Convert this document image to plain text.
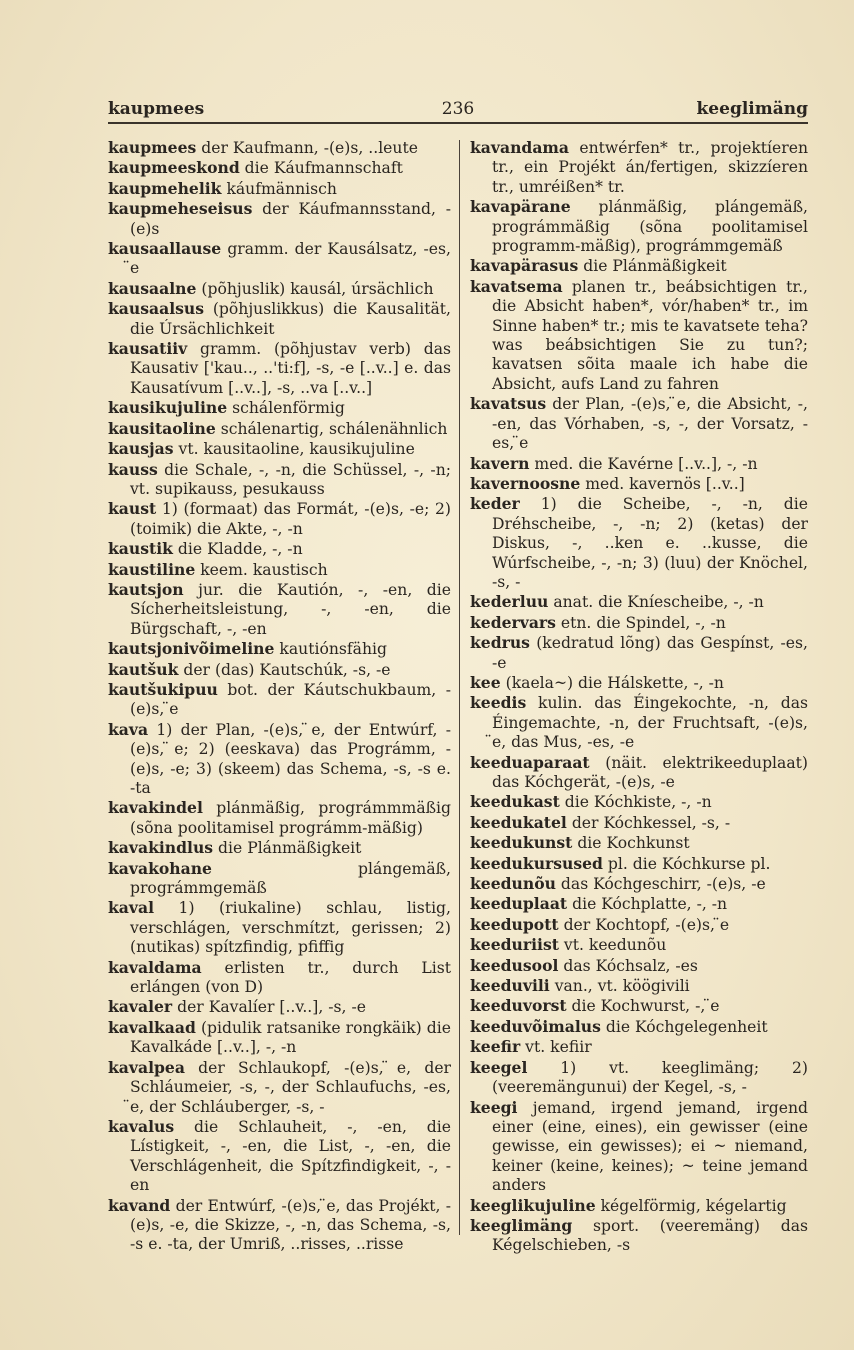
kaupmees	236	keeglimäng

kaupmees der Kaufmann, -(e)s, ..leute

kaupmeeskond die Káufmannschaft

kaupmehelik káufmännisch

kaupmeheseisus der Káufmannsstand, -(e)s

kausaallause gramm. der Kausálsatz, -es, ̈e

kausaalne (põhjuslik) kausál, úrsächlich

kausaalsus (põhjuslikkus) die Kausalität, die Úrsächlichkeit

kausatiiv gramm. (põhjustav verb) das Kausativ ['kau.., ..'ti:f], -s, -e [..v..] e. das Kausatívum [..v..], -s, ..va [..v..]

kausikujuline schálenförmig

kausitaoline schálenartig, schálenähnlich

kausjas vt. kausitaoline, kausikujuline

kauss die Schale, -, -n, die Schüssel, -, -n; vt. supikauss, pesukauss

kaust 1) (formaat) das Formát, -(e)s, -e; 2) (toimik) die Akte, -, -n

kaustik die Kladde, -, -n

kaustiline keem. kaustisch

kautsjon jur. die Kautión, -, -en, die Sícherheitsleistung, -, -en, die Bürgschaft, -, -en

kautsjonivõimeline kautiónsfähig

kautšuk der (das) Kautschúk, -s, -e

kautšukipuu bot. der Káutschukbaum, -(e)s, ̈e

kava 1) der Plan, -(e)s, ̈e, der Entwúrf, -(e)s, ̈e; 2) (eeskava) das Prográmm, -(e)s, -e; 3) (skeem) das Schema, -s, -s e. -ta

kavakindel plánmäßig, prográmmmäßig (sõna poolitamisel prográmm-mäßig)

kavakindlus die Plánmäßigkeit

kavakohane plángemäß, prográmmgemäß

kaval 1) (riukaline) schlau, listig, verschlágen, verschmítzt, gerissen; 2) (nutikas) spítzfindig, pfiffig

kavaldama erlisten tr., durch List erlángen (von D)

kavaler der Kavalíer [..v..], -s, -e

kavalkaad (pidulik ratsanike rongkäik) die Kavalkáde [..v..], -, -n

kavalpea der Schlaukopf, -(e)s, ̈e, der Schláumeier, -s, -, der Schlaufuchs, -es, ̈e, der Schláuberger, -s, -

kavalus die Schlauheit, -, -en, die Lístigkeit, -, -en, die List, -, -en, die Verschlágenheit, die Spítzfindigkeit, -, -en

kavand der Entwúrf, -(e)s, ̈e, das Projékt, -(e)s, -e, die Skizze, -, -n, das Schema, -s, -s e. -ta, der Umriß, ..risses, ..risse

kavandama entwérfen* tr., projektíeren tr., ein Projékt án/fertigen, skizzíeren tr., umréißen* tr.

kavapärane plánmäßig, plángemäß, prográmmäßig (sõna poolitamisel programm-mäßig), prográmmgemäß

kavapärasus die Plánmäßigkeit

kavatsema planen tr., beábsichtigen tr., die Absicht haben*, vór/haben* tr., im Sinne haben* tr.; mis te kavatsete teha? was beábsichtigen Sie zu tun?; kavatsen sõita maale ich habe die Absicht, aufs Land zu fahren

kavatsus der Plan, -(e)s, ̈e, die Absicht, -, -en, das Vórhaben, -s, -, der Vorsatz, -es, ̈e

kavern med. die Kavérne [..v..], -, -n

kavernoosne med. kavernös [..v..]

keder 1) die Scheibe, -, -n, die Dréhscheibe, -, -n; 2) (ketas) der Diskus, -, ..ken e. ..kusse, die Wúrfscheibe, -, -n; 3) (luu) der Knöchel, -s, -

kederluu anat. die Kníescheibe, -, -n

kedervars etn. die Spindel, -, -n

kedrus (kedratud lõng) das Gespínst, -es, -e

kee (kaela~) die Hálskette, -, -n

keedis kulin. das Éingekochte, -n, das Éingemachte, -n, der Fruchtsaft, -(e)s, ̈e, das Mus, -es, -e

keeduaparaat (näit. elektrikeeduplaat) das Kóchgerät, -(e)s, -e

keedukast die Kóchkiste, -, -n

keedukatel der Kóchkessel, -s, -

keedukunst die Kochkunst

keedukursused pl. die Kóchkurse pl.

keedunõu das Kóchgeschirr, -(e)s, -e

keeduplaat die Kóchplatte, -, -n

keedupott der Kochtopf, -(e)s, ̈e

keeduriist vt. keedunõu

keedusool das Kóchsalz, -es

keeduvili van., vt. köögivili

keeduvorst die Kochwurst, -, ̈e

keeduvõimalus die Kóchgelegenheit

keefir vt. kefiir

keegel 1) vt. keeglimäng; 2) (veeremängunui) der Kegel, -s, -

keegi jemand, irgend jemand, irgend einer (eine, eines), ein gewisser (eine gewisse, ein gewisses); ei ~ niemand, keiner (keine, keines); ~ teine jemand anders

keeglikujuline kégelförmig, kégelartig

keeglimäng sport. (veeremäng) das Kégelschieben, -s
